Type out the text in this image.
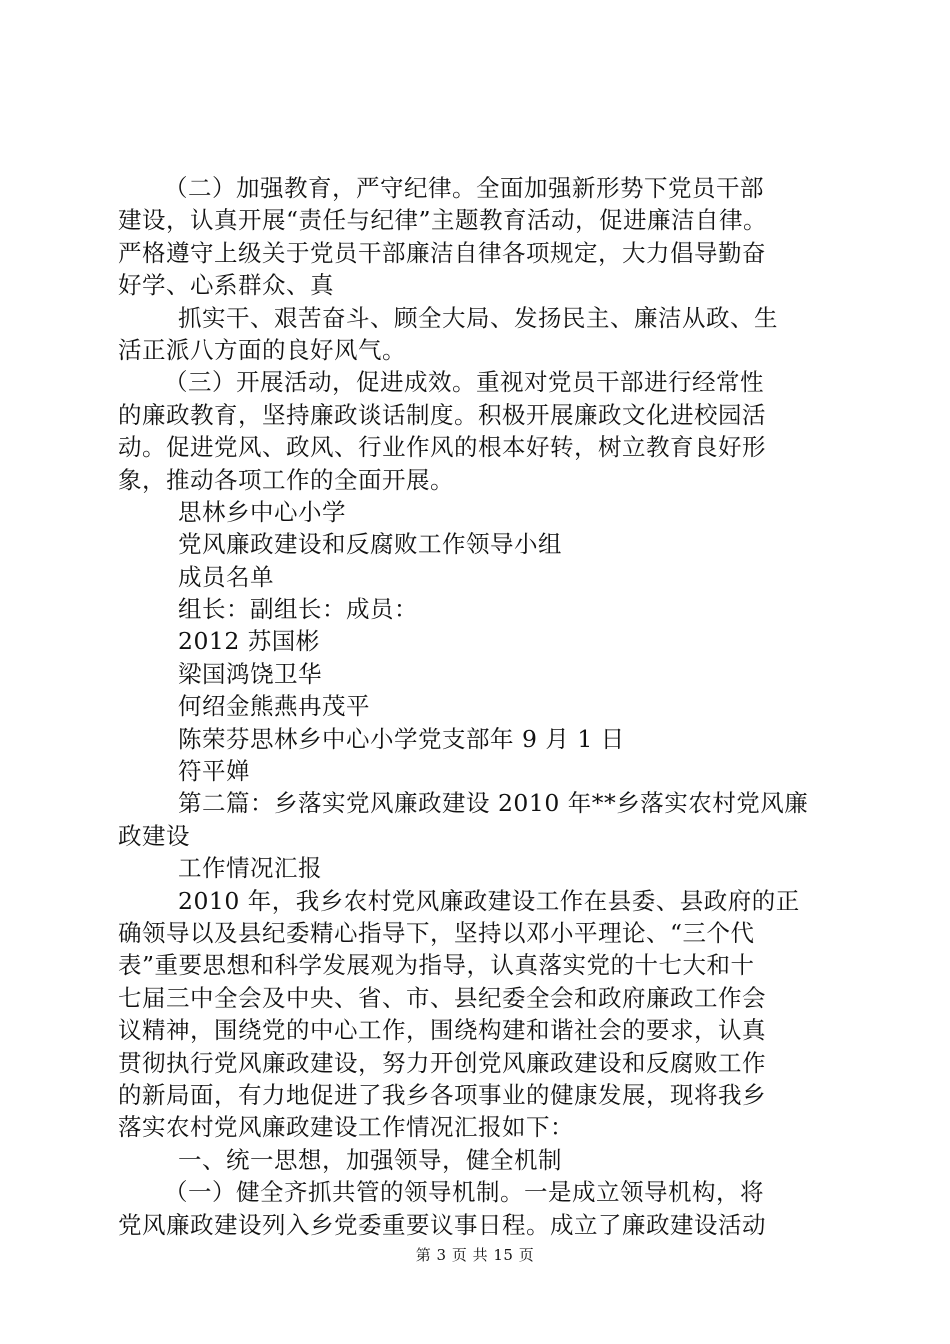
（二）加强教育，严守纪律。全面加强新形势下党员干部
建设，认真开展“责任与纪律”主题教育活动，促进廉洁自律。
严格遵守上级关于党员干部廉洁自律各项规定，大力倡导勤奋
好学、心系群众、真
抓实干、艰苦奋斗、顾全大局、发扬民主、廉洁从政、生
活正派八方面的良好风气。
（三）开展活动，促进成效。重视对党员干部进行经常性
的廉政教育，坚持廉政谈话制度。积极开展廉政文化进校园活
动。促进党风、政风、行业作风的根本好转，树立教育良好形
象，推动各项工作的全面开展。
思林乡中心小学
党风廉政建设和反腐败工作领导小组
成员名单
组长：副组长：成员：
2012 苏国彬
梁国鸿饶卫华
何绍金熊燕冉茂平
陈荣芬思林乡中心小学党支部年 9 月 1 日
符平婵
第二篇：乡落实党风廉政建设 2010 年**乡落实农村党风廉
政建设
工作情况汇报
2010 年，我乡农村党风廉政建设工作在县委、县政府的正
确领导以及县纪委精心指导下，坚持以邓小平理论、“三个代
表”重要思想和科学发展观为指导，认真落实党的十七大和十
七届三中全会及中央、省、市、县纪委全会和政府廉政工作会
议精神，围绕党的中心工作，围绕构建和谐社会的要求，认真
贯彻执行党风廉政建设，努力开创党风廉政建设和反腐败工作
的新局面，有力地促进了我乡各项事业的健康发展，现将我乡
落实农村党风廉政建设工作情况汇报如下：
一、统一思想，加强领导，健全机制
（一）健全齐抓共管的领导机制。一是成立领导机构，将
党风廉政建设列入乡党委重要议事日程。成立了廉政建设活动
第 3 页 共 15 页
